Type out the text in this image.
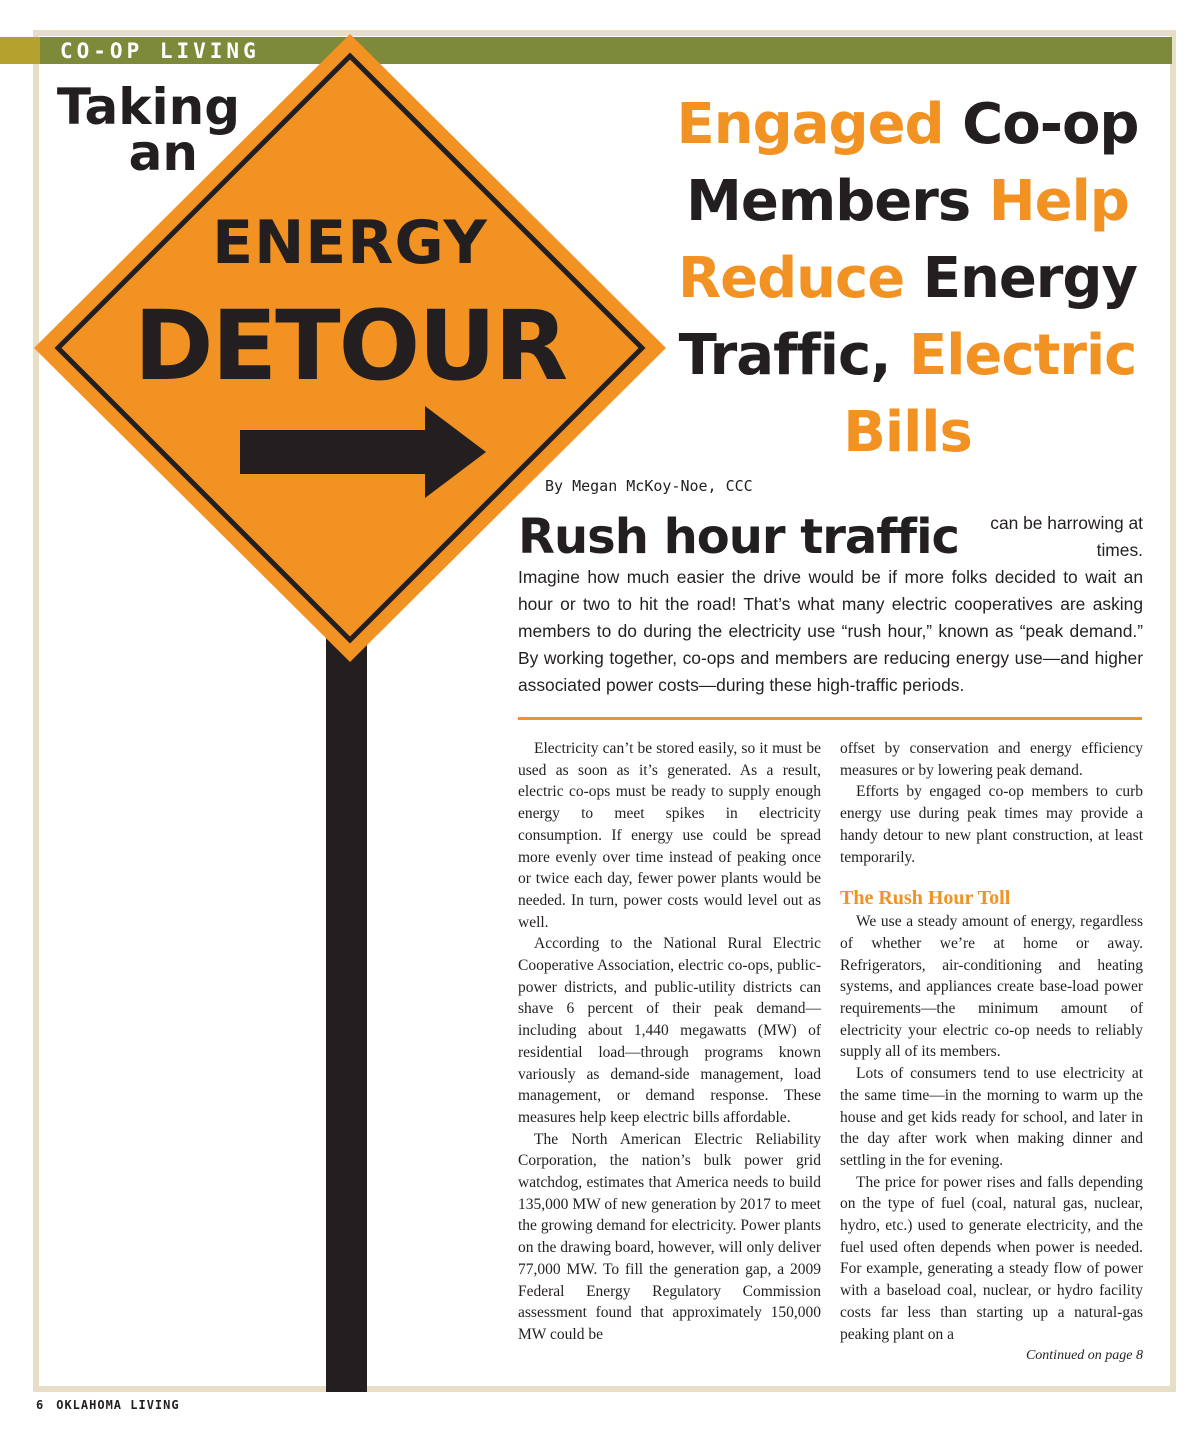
CO-OP LIVING
Taking
an
ENERGY
DETOUR
Engaged Co-op
Members Help
Reduce Energy
Traffic, Electric
Bills
By Megan McKoy-Noe, CCC
Rush hour traffic	can be harrowing at times.
Imagine how much easier the drive would be if more folks decided to wait an hour or two to hit the road! That’s what many electric cooperatives are asking members to do during the electricity use “rush hour,” known as “peak demand.” By working together, co-ops and members are reducing energy use—and higher associated power costs—during these high-traffic periods.

Electricity can’t be stored easily, so it must be used as soon as it’s generated. As a result, electric co-ops must be ready to supply enough energy to meet spikes in electricity consumption. If energy use could be spread more evenly over time instead of peaking once or twice each day, fewer power plants would be needed. In turn, power costs would level out as well.

According to the National Rural Electric Cooperative Association, electric co-ops, public-power districts, and public-utility districts can shave 6 percent of their peak demand—including about 1,440 megawatts (MW) of residential load—through programs known variously as demand-side management, load management, or demand response. These measures help keep electric bills affordable.

The North American Electric Reliability Corporation, the nation’s bulk power grid watchdog, estimates that America needs to build 135,000 MW of new generation by 2017 to meet the growing demand for electricity. Power plants on the drawing board, however, will only deliver 77,000 MW. To fill the generation gap, a 2009 Federal Energy Regulatory Commission assessment found that approximately 150,000 MW could be

offset by conservation and energy efficiency measures or by lowering peak demand.

Efforts by engaged co-op members to curb energy use during peak times may provide a handy detour to new plant construction, at least temporarily.

The Rush Hour Toll

We use a steady amount of energy, regardless of whether we’re at home or away. Refrigerators, air-conditioning and heating systems, and appliances create base-load power requirements—the minimum amount of electricity your electric co-op needs to reliably supply all of its members.

Lots of consumers tend to use electricity at the same time—in the morning to warm up the house and get kids ready for school, and later in the day after work when making dinner and settling in the for evening.

The price for power rises and falls depending on the type of fuel (coal, natural gas, nuclear, hydro, etc.) used to generate electricity, and the fuel used often depends when power is needed. For example, generating a steady flow of power with a baseload coal, nuclear, or hydro facility costs far less than starting up a natural-gas peaking plant on a

Continued on page 8
6 OKLAHOMA LIVING
